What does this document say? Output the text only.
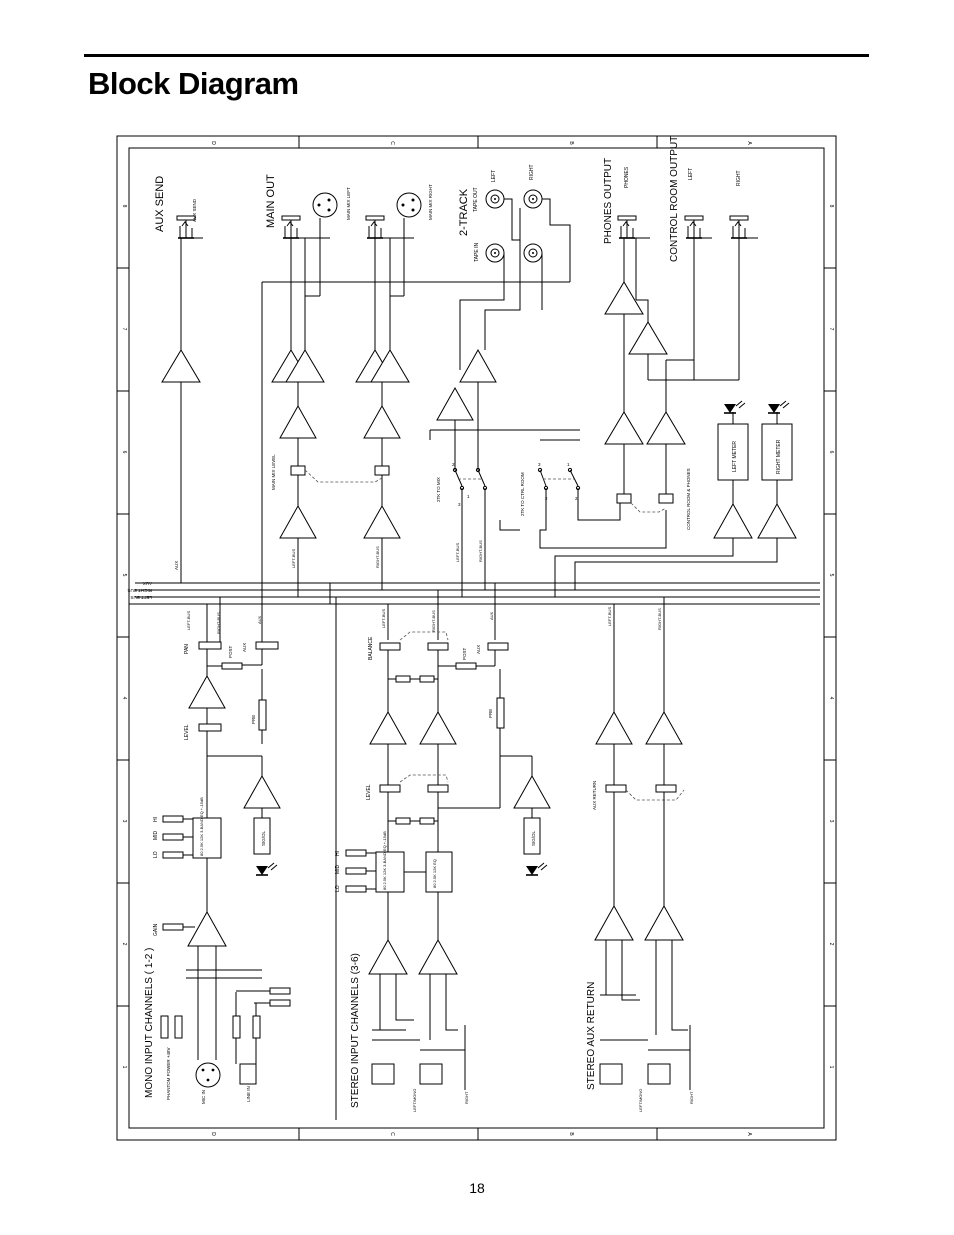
Block Diagram
D	C	B	A
D	C	B	A
8
7
6
5
4
3
2
1
8
7
6
5
4
3
2
1
AUX
RIGHT-BUS
LEFT-BUS
AUX SEND	AUX SEND
AUX
MAIN OUT	MAIN MIX LEFT	MAIN MIX RIGHT
MAIN MIX LEVEL
LEFT-BUS	RIGHT-BUS
2-TRACK
TAPE IN
TAPE OUT
LEFT	RIGHT
2TK TO MIX	2TK TO CTRL ROOM
2
1
3
LEFT-BUS	RIGHT-BUS
3	1
2	2
PHONES OUTPUT PHONES	CONTROL ROOM OUTPUT LEFT	RIGHT
CONTROL ROOM & PHONES
LEFT METER	RIGHT METER
MONO INPUT CHANNELS ( 1-2 )
LEFT-BUS	RIGHT-BUS	AUX
PAN	POST AUX
LEVEL
PRE
SIG/OL
80 2.5K 12K 3-BAND EQ +-15dB
HI
MID
LO
GAIN
PHANTOM POWER +48V	MIC IN	LINE IN	STEREO INPUT CHANNELS (3-6)
LEFT-BUS	RIGHT-BUS	AUX
BALANCE	POST AUX
LEVEL
PRE
SIG/OL
80 2.5K 12K 3-BAND EQ +-15dB	80 2.5K 12K EQ
HI
MID
LO
LEFT/MONO	RIGHT
STEREO AUX RETURN
LEFT-BUS	RIGHT-BUS
AUX RETURN
LEFT/MONO	RIGHT
18
